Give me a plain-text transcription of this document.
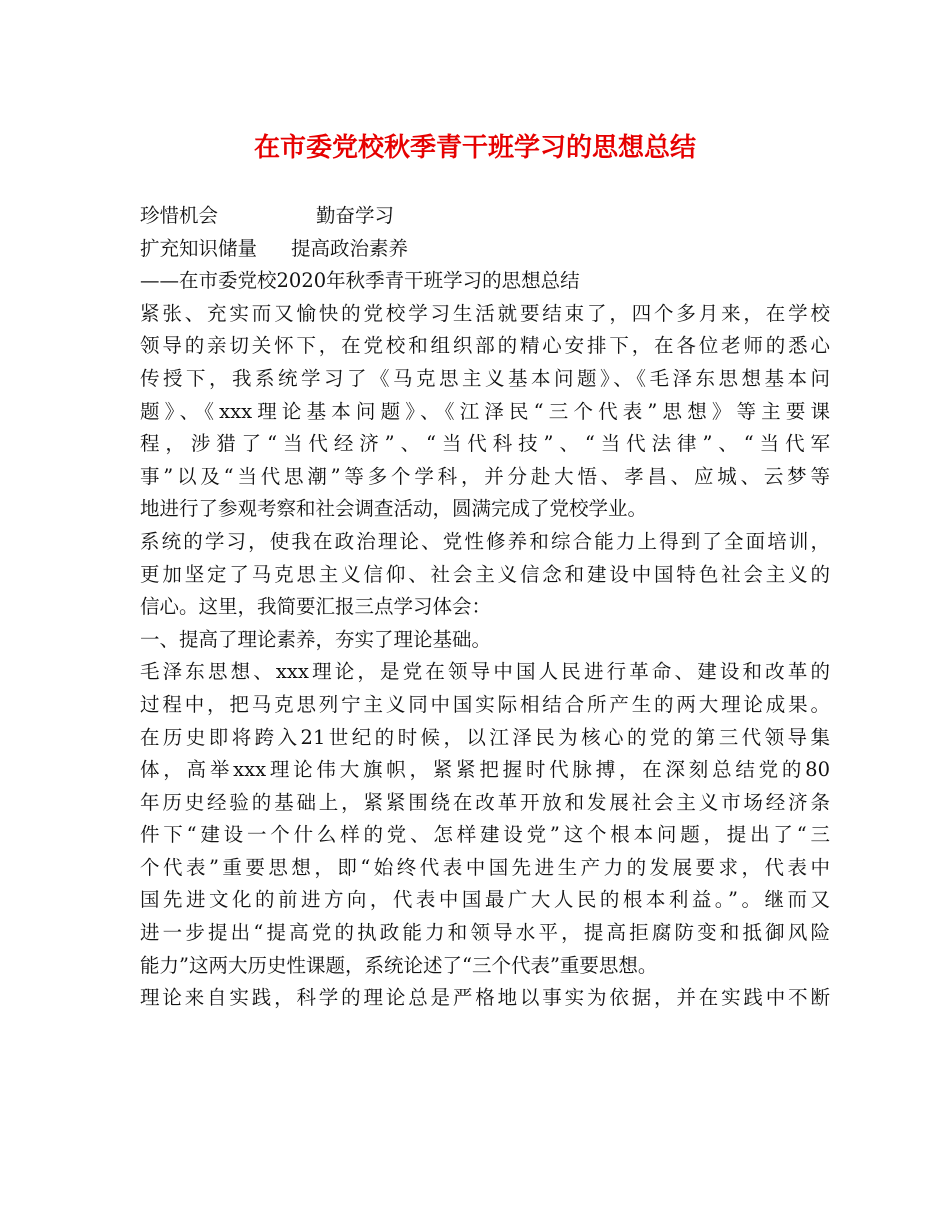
在市委党校秋季青干班学习的思想总结
珍惜机会	勤奋学习
扩充知识储量 提高政治素养
——在市委党校2020年秋季青干班学习的思想总结
紧张、充实而又愉快的党校学习生活就要结束了，四个多月来，在学校
领导的亲切关怀下，在党校和组织部的精心安排下，在各位老师的悉心
传授下，我系统学习了《马克思主义基本问题》、《毛泽东思想基本问
题》、《xxx理论基本问题》、《江泽民“三个代表”思想》等主要课
程，涉猎了“当代经济”、“当代科技”、“当代法律”、“当代军
事”以及“当代思潮”等多个学科，并分赴大悟、孝昌、应城、云梦等
地进行了参观考察和社会调查活动，圆满完成了党校学业。
系统的学习，使我在政治理论、党性修养和综合能力上得到了全面培训，
更加坚定了马克思主义信仰、社会主义信念和建设中国特色社会主义的
信心。这里，我简要汇报三点学习体会：
一、提高了理论素养，夯实了理论基础。
毛泽东思想、xxx理论，是党在领导中国人民进行革命、建设和改革的
过程中，把马克思列宁主义同中国实际相结合所产生的两大理论成果。
在历史即将跨入21世纪的时候，以江泽民为核心的党的第三代领导集
体，高举xxx理论伟大旗帜，紧紧把握时代脉搏，在深刻总结党的80
年历史经验的基础上，紧紧围绕在改革开放和发展社会主义市场经济条
件下“建设一个什么样的党、怎样建设党”这个根本问题，提出了“三
个代表”重要思想，即“始终代表中国先进生产力的发展要求，代表中
国先进文化的前进方向，代表中国最广大人民的根本利益。”。继而又
进一步提出“提高党的执政能力和领导水平，提高拒腐防变和抵御风险
能力”这两大历史性课题，系统论述了“三个代表”重要思想。
理论来自实践，科学的理论总是严格地以事实为依据，并在实践中不断
